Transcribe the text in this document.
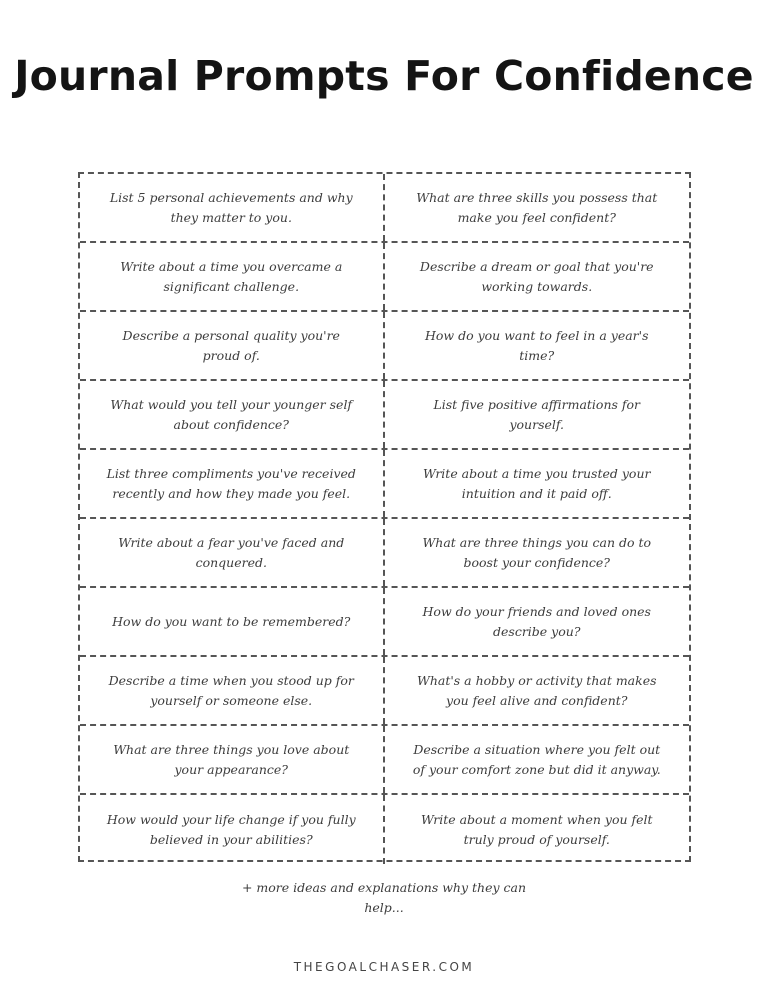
Journal Prompts For Confidence
List 5 personal achievements and why they matter to you.
What are three skills you possess that make you feel confident?
Write about a time you overcame a significant challenge.
Describe a dream or goal that you're working towards.
Describe a personal quality you're proud of.
How do you want to feel in a year's time?
What would you tell your younger self about confidence?
List five positive affirmations for yourself.
List three compliments you've received recently and how they made you feel.
Write about a time you trusted your intuition and it paid off.
Write about a fear you've faced and conquered.
What are three things you can do to boost your confidence?
How do you want to be remembered?
How do your friends and loved ones describe you?
Describe a time when you stood up for yourself or someone else.
What's a hobby or activity that makes you feel alive and confident?
What are three things you love about your appearance?
Describe a situation where you felt out of your comfort zone but did it anyway.
How would your life change if you fully believed in your abilities?
Write about a moment when you felt truly proud of yourself.
+ more ideas and explanations why they can help...
THEGOALCHASER.COM
